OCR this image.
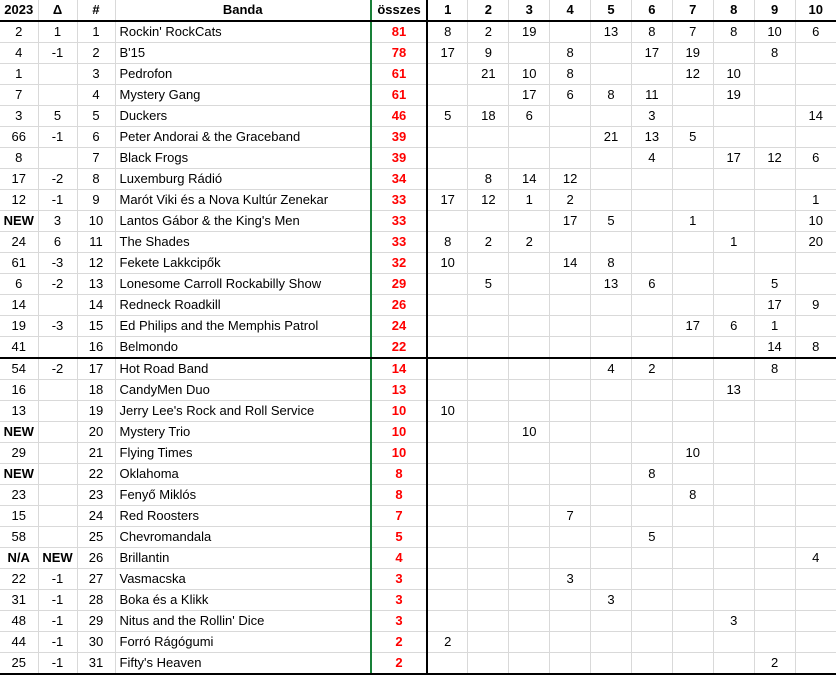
2023	Δ	#	Banda	összes	1	2	3	4	5	6	7	8	9	10
2	1	1	Rockin' RockCats	81	8	2	19		13	8	7	8	10	6
4	-1	2	B'15	78	17	9		8		17	19		8	
1		3	Pedrofon	61		21	10	8			12	10		
7		4	Mystery Gang	61			17	6	8	11		19		
3	5	5	Duckers	46	5	18	6			3				14
66	-1	6	Peter Andorai & the Graceband	39					21	13	5			
8		7	Black Frogs	39						4		17	12	6
17	-2	8	Luxemburg Rádió	34		8	14	12						
12	-1	9	Marót Viki és a Nova Kultúr Zenekar	33	17	12	1	2						1
NEW	3	10	Lantos Gábor & the King's Men	33				17	5		1			10
24	6	11	The Shades	33	8	2	2					1		20
61	-3	12	Fekete Lakkcipők	32	10			14	8					
6	-2	13	Lonesome Carroll Rockabilly Show	29		5			13	6			5	
14		14	Redneck Roadkill	26									17	9
19	-3	15	Ed Philips and the Memphis Patrol	24							17	6	1	
41		16	Belmondo	22									14	8
54	-2	17	Hot Road Band	14					4	2			8	
16		18	CandyMen Duo	13								13		
13		19	Jerry Lee's Rock and Roll Service	10	10									
NEW		20	Mystery Trio	10			10							
29		21	Flying Times	10							10			
NEW		22	Oklahoma	8						8				
23		23	Fenyő Miklós	8							8			
15		24	Red Roosters	7				7						
58		25	Chevromandala	5						5				
N/A	NEW	26	Brillantin	4										4
22	-1	27	Vasmacska	3				3						
31	-1	28	Boka és a Klikk	3					3					
48	-1	29	Nitus and the Rollin' Dice	3								3		
44	-1	30	Forró Rágógumi	2	2									
25	-1	31	Fifty's Heaven	2									2	
